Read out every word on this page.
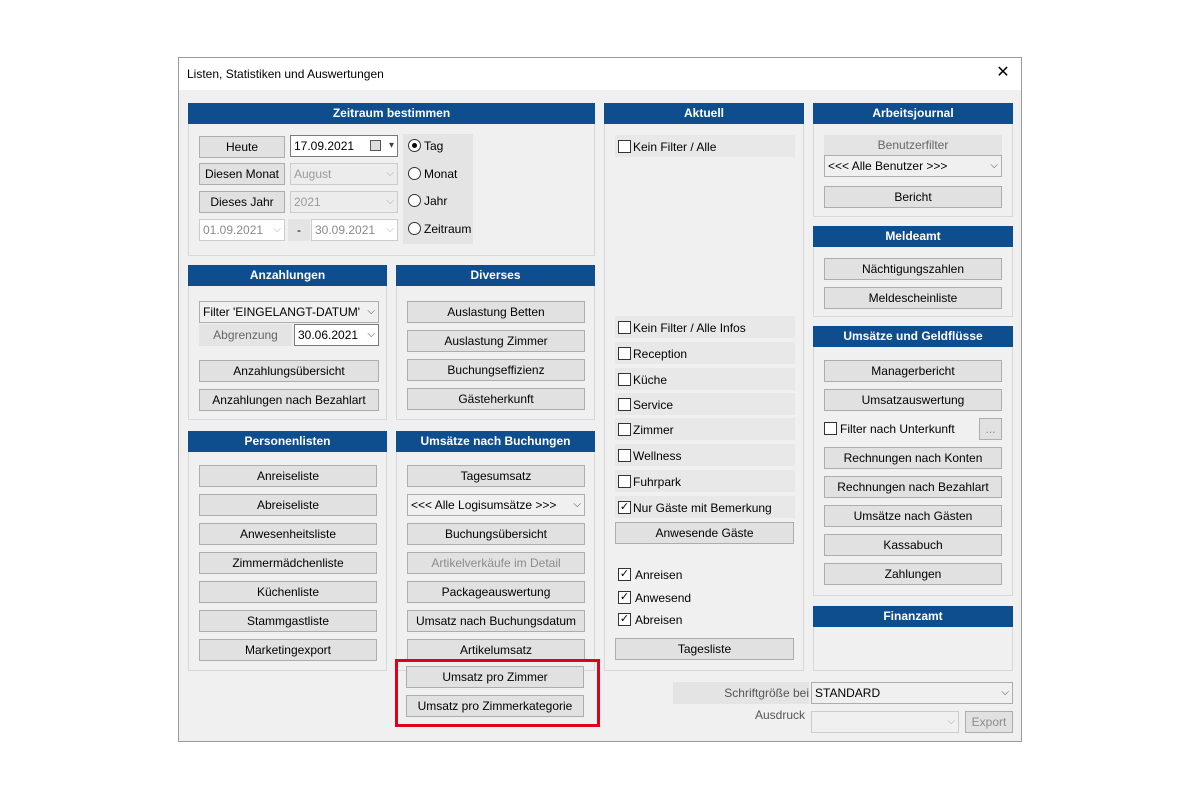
Listen, Statistiken und Auswertungen	✕
Zeitraum bestimmen
Heute	17.09.2021	▾
Diesen Monat	August	⌵
Dieses Jahr	2021	⌵
01.09.2021 ⌵	-	30.09.2021 ⌵
Tag
Monat
Jahr
Zeitraum
Anzahlungen
Filter 'EINGELANGT-DATUM' ⌵
Abgrenzung	30.06.2021 ⌵
Anzahlungsübersicht
Anzahlungen nach Bezahlart
Diverses
Auslastung Betten
Auslastung Zimmer
Buchungseffizienz
Gästeherkunft
Personenlisten
Anreiseliste
Abreiseliste
Anwesenheitsliste
Zimmermädchenliste
Küchenliste
Stammgastliste
Marketingexport
Umsätze nach Buchungen
Tagesumsatz
<<< Alle Logisumsätze >>> ⌵
Buchungsübersicht
Artikelverkäufe im Detail
Packageauswertung
Umsatz nach Buchungsdatum
Artikelumsatz
Umsatz pro Zimmer
Umsatz pro Zimmerkategorie
Aktuell
Kein Filter / Alle
Kein Filter / Alle Infos
Reception
Küche
Service
Zimmer
Wellness
Fuhrpark
✓ Nur Gäste mit Bemerkung
Anwesende Gäste
✓ Anreisen
✓ Anwesend
✓ Abreisen
Tagesliste
Arbeitsjournal
Benutzerfilter
<<< Alle Benutzer >>>	⌵
Bericht
Meldeamt
Nächtigungszahlen
Meldescheinliste
Umsätze und Geldflüsse
Managerbericht
Umsatzauswertung
Filter nach Unterkunft	...
Rechnungen nach Konten
Rechnungen nach Bezahlart
Umsätze nach Gästen
Kassabuch
Zahlungen
Finanzamt
Schriftgröße bei Ausdruck
STANDARD	⌵
⌵	Export
